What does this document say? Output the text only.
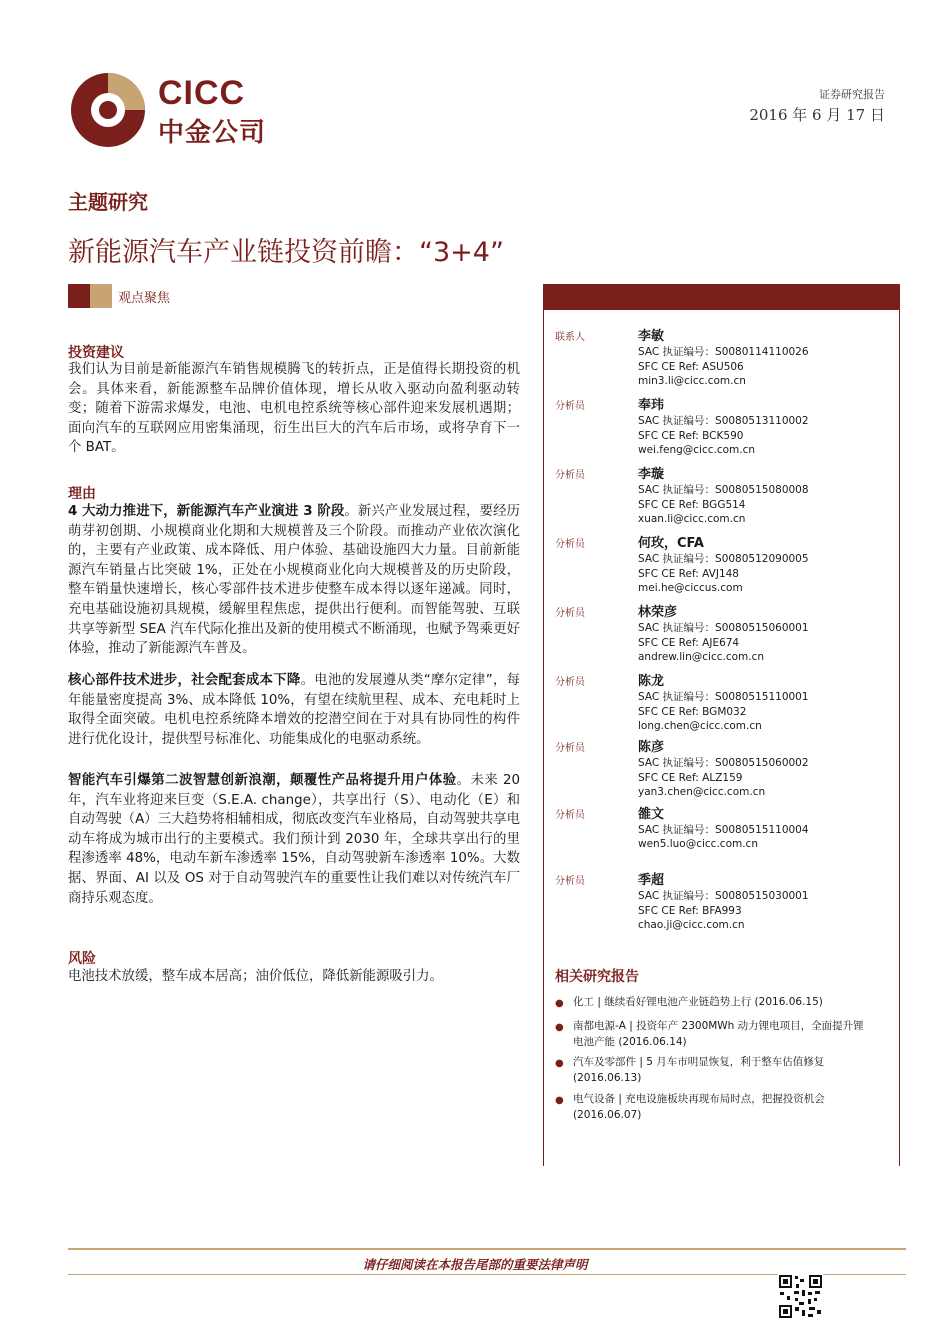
CICC
中金公司
证券研究报告
2016 年 6 月 17 日
主题研究
新能源汽车产业链投资前瞻：“3+4”
观点聚焦
投资建议
我们认为目前是新能源汽车销售规模腾飞的转折点，正是值得长期投资的机会。具体来看，新能源整车品牌价值体现，增长从收入驱动向盈利驱动转变；随着下游需求爆发，电池、电机电控系统等核心部件迎来发展机遇期；面向汽车的互联网应用密集涌现，衍生出巨大的汽车后市场，或将孕育下一个 BAT。
理由
4 大动力推进下，新能源汽车产业演进 3 阶段。新兴产业发展过程，要经历萌芽初创期、小规模商业化期和大规模普及三个阶段。而推动产业依次演化的，主要有产业政策、成本降低、用户体验、基础设施四大力量。目前新能源汽车销量占比突破 1%，正处在小规模商业化向大规模普及的历史阶段，整车销量快速增长，核心零部件技术进步使整车成本得以逐年递减。同时，充电基础设施初具规模，缓解里程焦虑，提供出行便利。而智能驾驶、互联共享等新型 SEA 汽车代际化推出及新的使用模式不断涌现，也赋予驾乘更好体验，推动了新能源汽车普及。
核心部件技术进步，社会配套成本下降。电池的发展遵从类“摩尔定律”，每年能量密度提高 3%、成本降低 10%，有望在续航里程、成本、充电耗时上取得全面突破。电机电控系统降本增效的挖潜空间在于对具有协同性的构件进行优化设计，提供型号标准化、功能集成化的电驱动系统。
智能汽车引爆第二波智慧创新浪潮，颠覆性产品将提升用户体验。未来 20 年，汽车业将迎来巨变（S.E.A. change），共享出行（S）、电动化（E）和自动驾驶（A）三大趋势将相辅相成，彻底改变汽车业格局，自动驾驶共享电动车将成为城市出行的主要模式。我们预计到 2030 年，全球共享出行的里程渗透率 48%，电动车新车渗透率 15%，自动驾驶新车渗透率 10%。大数据、界面、AI 以及 OS 对于自动驾驶汽车的重要性让我们难以对传统汽车厂商持乐观态度。
风险
电池技术放缓，整车成本居高；油价低位，降低新能源吸引力。
联系人	李敏
SAC 执证编号：S0080114110026
SFC CE Ref: ASU506
min3.li@cicc.com.cn
分析员	奉玮
SAC 执证编号：S0080513110002
SFC CE Ref: BCK590
wei.feng@cicc.com.cn
分析员	李璇
SAC 执证编号：S0080515080008
SFC CE Ref: BGG514
xuan.li@cicc.com.cn
分析员	何玫，CFA
SAC 执证编号：S0080512090005
SFC CE Ref: AVJ148
mei.he@ciccus.com
分析员	林荣彦
SAC 执证编号：S0080515060001
SFC CE Ref: AJE674
andrew.lin@cicc.com.cn
分析员	陈龙
SAC 执证编号：S0080515110001
SFC CE Ref: BGM032
long.chen@cicc.com.cn
分析员	陈彦
SAC 执证编号：S0080515060002
SFC CE Ref: ALZ159
yan3.chen@cicc.com.cn
分析员	雒文
SAC 执证编号：S0080515110004
wen5.luo@cicc.com.cn
分析员	季超
SAC 执证编号：S0080515030001
SFC CE Ref: BFA993
chao.ji@cicc.com.cn
相关研究报告
● 化工 | 继续看好锂电池产业链趋势上行 (2016.06.15)
● 南都电源-A | 投资年产 2300MWh 动力锂电项目，全面提升锂
电池产能 (2016.06.14)
● 汽车及零部件 | 5 月车市明显恢复，利于整车估值修复
(2016.06.13)
● 电气设备 | 充电设施板块再现布局时点，把握投资机会
(2016.06.07)
请仔细阅读在本报告尾部的重要法律声明
